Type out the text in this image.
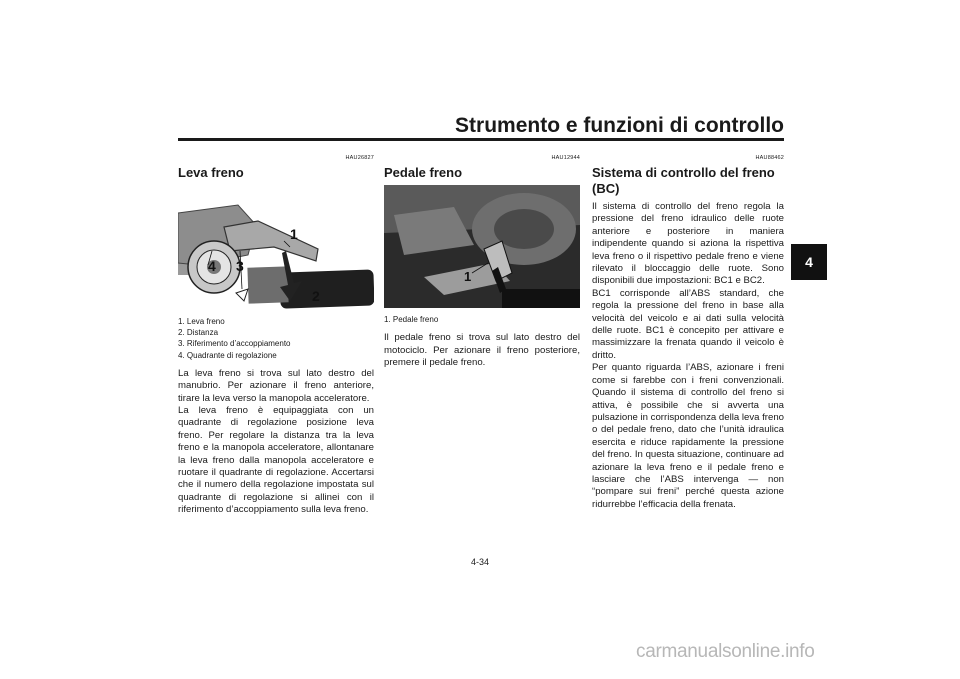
Strumento e funzioni di controllo
4
HAU26827
Leva freno
1
2
3
4
1. Leva freno
2. Distanza
3. Riferimento d’accoppiamento
4. Quadrante di regolazione

La leva freno si trova sul lato destro del manubrio. Per azionare il freno anteriore, tirare la leva verso la manopola acceleratore.

La leva freno è equipaggiata con un quadrante di regolazione posizione leva freno. Per regolare la distanza tra la leva freno e la manopola acceleratore, allontanare la leva freno dalla manopola acceleratore e ruotare il quadrante di regolazione. Accertarsi che il numero della regolazione impostata sul quadrante di regolazione si allinei con il riferimento d’accoppiamento sulla leva freno.

HAU12944
Pedale freno
1
1. Pedale freno

Il pedale freno si trova sul lato destro del motociclo. Per azionare il freno posteriore, premere il pedale freno.

HAU88462
Sistema di controllo del freno (BC)

Il sistema di controllo del freno regola la pressione del freno idraulico delle ruote anteriore e posteriore in maniera indipendente quando si aziona la rispettiva leva freno o il rispettivo pedale freno e viene rilevato il bloccaggio delle ruote. Sono disponibili due impostazioni: BC1 e BC2.

BC1 corrisponde all’ABS standard, che regola la pressione del freno in base alla velocità del veicolo e ai dati sulla velocità delle ruote. BC1 è concepito per attivare e massimizzare la frenata quando il veicolo è dritto.

Per quanto riguarda l’ABS, azionare i freni come si farebbe con i freni convenzionali. Quando il sistema di controllo del freno si attiva, è possibile che si avverta una pulsazione in corrispondenza della leva freno o del pedale freno, dato che l’unità idraulica esercita e riduce rapidamente la pressione del freno. In questa situazione, continuare ad azionare la leva freno e il pedale freno e lasciare che l’ABS intervenga — non “pompare sui freni” perché questa azione ridurrebbe l’efficacia della frenata.

4-34
carmanualsonline.info
